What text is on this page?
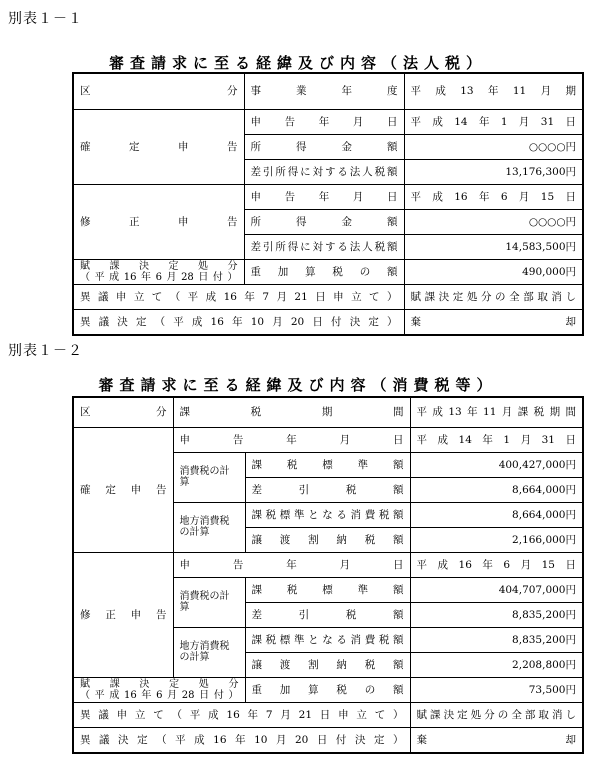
別表１－１
審査請求に至る経緯及び内容（法人税）
区　　　　　　　　分	事　業　年　度	平成13年11月期
確　　定　　申　　告	申　告　年　月　日	平成14年1月31日
	所　得　金　額	○○○○円
	差引所得に対する法人税額	13,176,300円
修　　正　　申　　告	申　告　年　月　日	平成16年6月15日
	所　得　金　額	○○○○円
	差引所得に対する法人税額	14,583,500円

賦　課　決　定　処　分
（平成16年6月28日付）	重　加　算　税　の　額	490,000円
異議申立て（平成16年7月21日申立て）		賦課決定処分の全部取消し
異議決定（平成16年10月20日付決定）		棄 却
別表１－２
審査請求に至る経緯及び内容（消費税等）
区　　　　分	課　　税　　期　　間		平成13年11月課税期間
確　定　申　告	申　　告　　年　　月　　日		平成14年1月31日
	消費税の計　算	課　税　標　準　額	400,427,000円
		差　引　税　額	8,664,000円
	地方消費税の計算	課税標準となる消費税額	8,664,000円
		譲　渡　割　納　税　額	2,166,000円
修　正　申　告	申　　告　　年　　月　　日		平成16年6月15日
	消費税の計　算	課　税　標　準　額	404,707,000円
		差　引　税　額	8,835,200円
	地方消費税の計算	課税標準となる消費税額	8,835,200円
		譲　渡　割　納　税　額	2,208,800円

賦　課　決　定　処　分
（平成16年6月28日付）		重　加　算　税　の　額	73,500円
異議申立て（平成16年7月21日申立て）			賦課決定処分の全部取消し
異議決定（平成16年10月20日付決定）			棄 却
